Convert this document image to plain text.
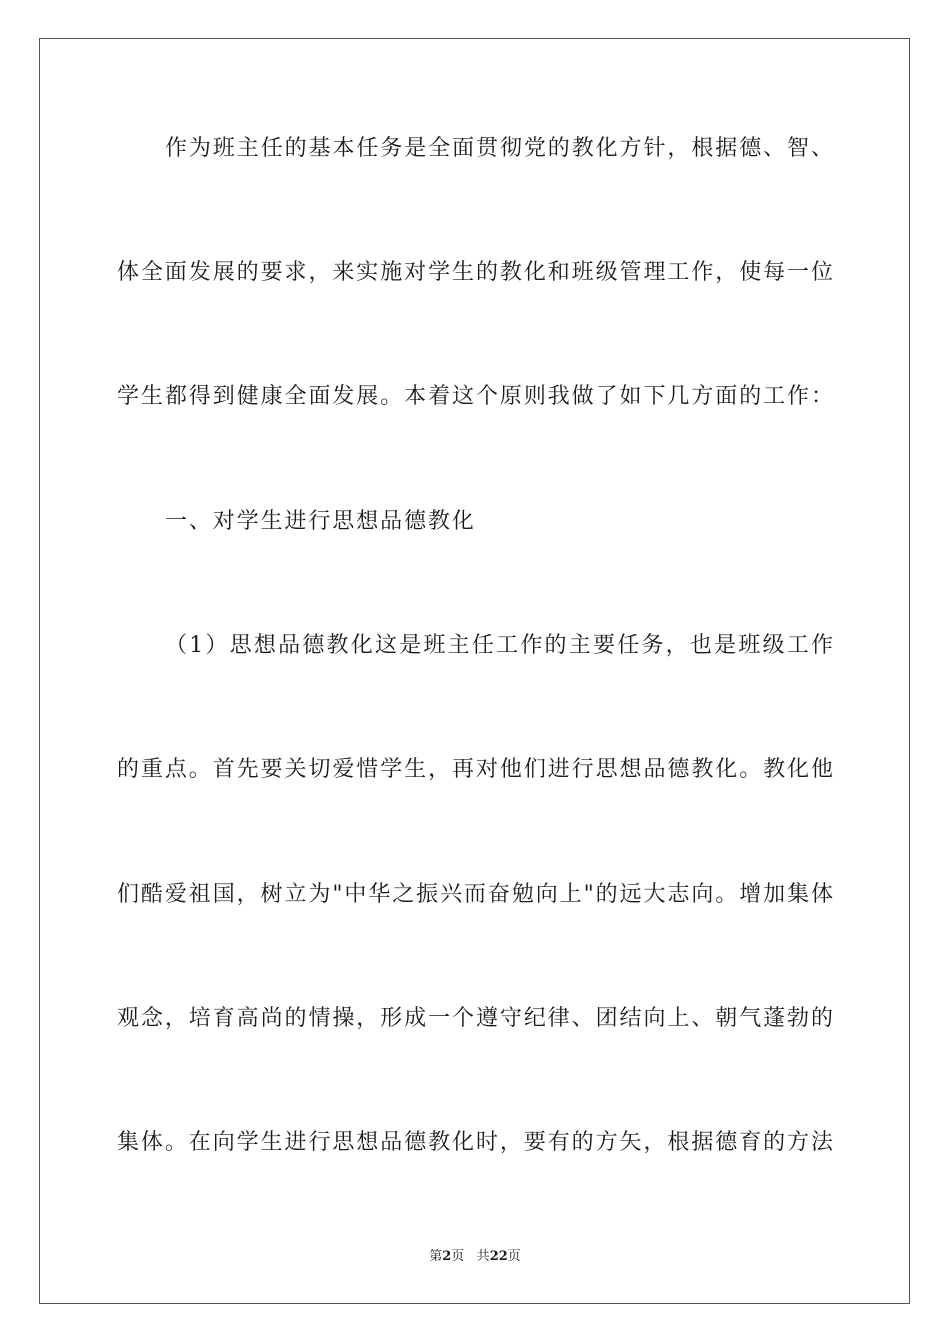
作为班主任的基本任务是全面贯彻党的教化方针，根据德、智、
体全面发展的要求，来实施对学生的教化和班级管理工作，使每一位
学生都得到健康全面发展。本着这个原则我做了如下几方面的工作：
一、对学生进行思想品德教化
（1）思想品德教化这是班主任工作的主要任务，也是班级工作
的重点。首先要关切爱惜学生，再对他们进行思想品德教化。教化他
们酷爱祖国，树立为"中华之振兴而奋勉向上"的远大志向。增加集体
观念，培育高尚的情操，形成一个遵守纪律、团结向上、朝气蓬勃的
集体。在向学生进行思想品德教化时，要有的方矢，根据德育的方法
第2页 共22页
